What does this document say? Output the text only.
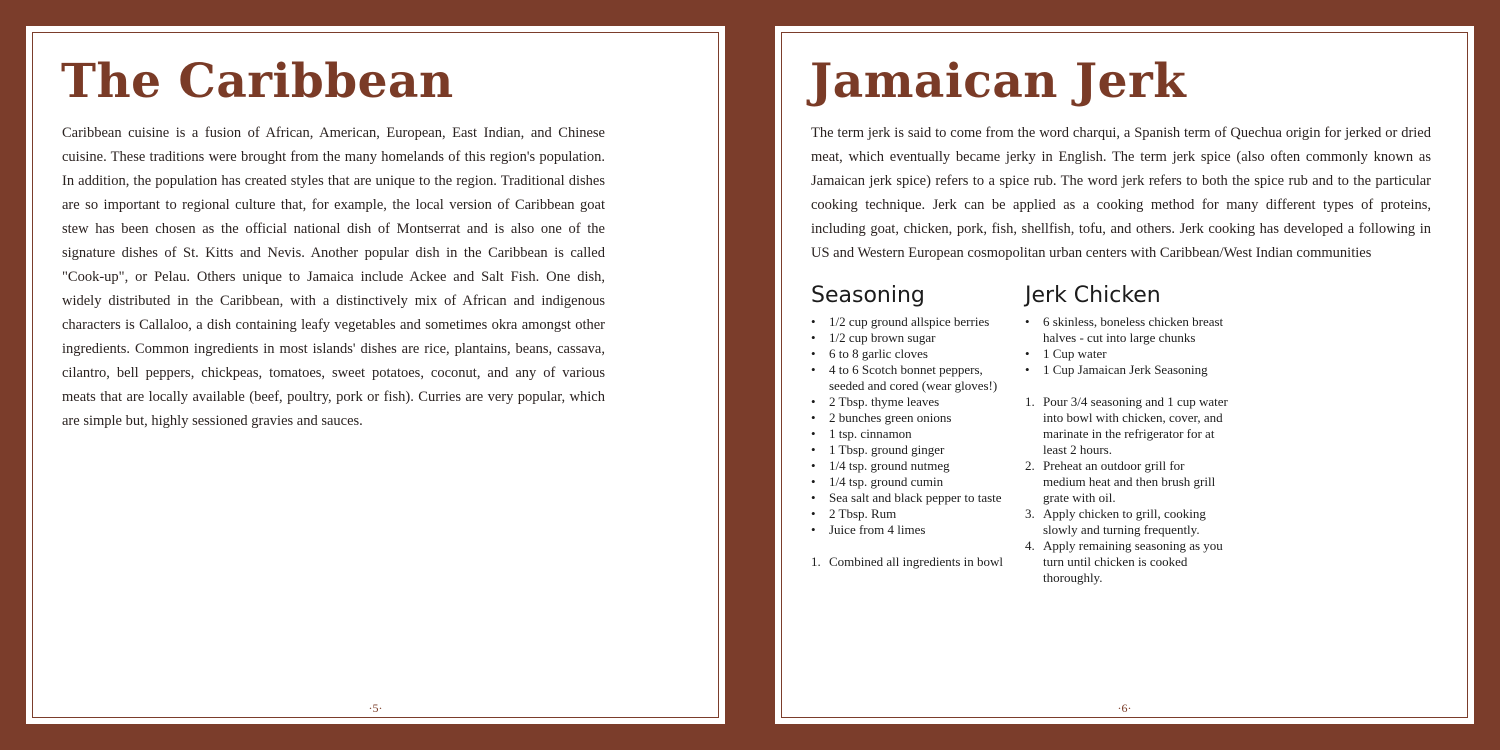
The Caribbean

Caribbean cuisine is a fusion of African, American, European, East Indian, and Chinese cuisine. These traditions were brought from the many homelands of this region's population. In addition, the population has created styles that are unique to the region. Traditional dishes are so important to regional culture that, for example, the local version of Caribbean goat stew has been chosen as the official national dish of Montserrat and is also one of the signature dishes of St. Kitts and Nevis. Another popular dish in the Caribbean is called "Cook-up", or Pelau. Others unique to Jamaica include Ackee and Salt Fish. One dish, widely distributed in the Caribbean, with a distinctively mix of African and indigenous characters is Callaloo, a dish containing leafy vegetables and sometimes okra amongst other ingredients. Common ingredients in most islands' dishes are rice, plantains, beans, cassava, cilantro, bell peppers, chickpeas, tomatoes, sweet potatoes, coconut, and any of various meats that are locally available (beef, poultry, pork or fish). Curries are very popular, which are simple but, highly sessioned gravies and sauces.

·5·
Jamaican Jerk

The term jerk is said to come from the word charqui, a Spanish term of Quechua origin for jerked or dried meat, which eventually became jerky in English. The term jerk spice (also often commonly known as Jamaican jerk spice) refers to a spice rub. The word jerk refers to both the spice rub and to the particular cooking technique. Jerk can be applied as a cooking method for many different types of proteins, including goat, chicken, pork, fish, shellfish, tofu, and others. Jerk cooking has developed a following in US and Western European cosmopolitan urban centers with Caribbean/West Indian communities

Seasoning
• 1/2 cup ground allspice berries
• 1/2 cup brown sugar
• 6 to 8 garlic cloves
• 4 to 6 Scotch bonnet peppers, seeded and cored (wear gloves!)
• 2 Tbsp. thyme leaves
• 2 bunches green onions
• 1 tsp. cinnamon
• 1 Tbsp. ground ginger
• 1/4 tsp. ground nutmeg
• 1/4 tsp. ground cumin
• Sea salt and black pepper to taste
• 2 Tbsp. Rum
• Juice from 4 limes
1. Combined all ingredients in bowl
Jerk Chicken
• 6 skinless, boneless chicken breast halves - cut into large chunks
• 1 Cup water
• 1 Cup Jamaican Jerk Seasoning
1. Pour 3/4 seasoning and 1 cup water into bowl with chicken, cover, and marinate in the refrigerator for at least 2 hours.
2. Preheat an outdoor grill for medium heat and then brush grill grate with oil.
3. Apply chicken to grill, cooking slowly and turning frequently.
4. Apply remaining seasoning as you turn until chicken is cooked thoroughly.
·6·
